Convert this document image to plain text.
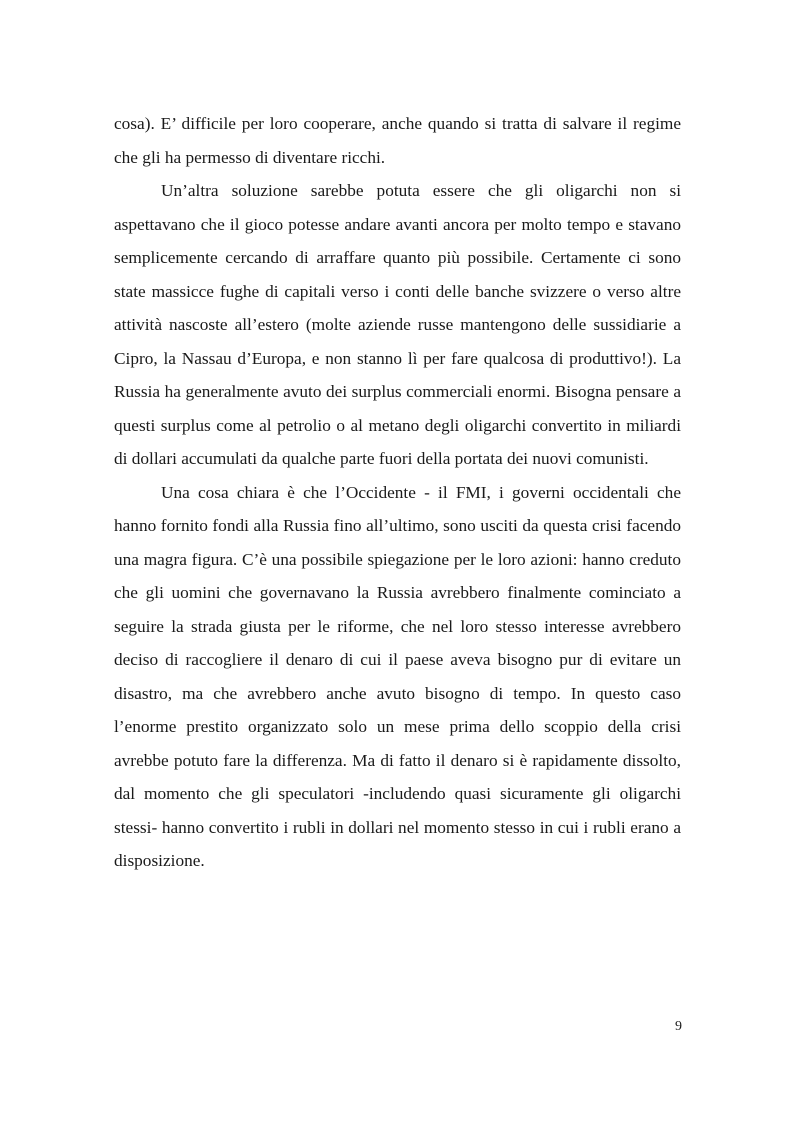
cosa). E’ difficile per loro cooperare, anche quando si tratta di salvare il regime che gli ha permesso di diventare ricchi.

Un’altra soluzione sarebbe potuta essere che gli oligarchi non si aspettavano che il gioco potesse andare avanti ancora per molto tempo e stavano semplicemente cercando di arraffare quanto più possibile. Certamente ci sono state massicce fughe di capitali verso i conti delle banche svizzere o verso altre attività nascoste all’estero (molte aziende russe mantengono delle sussidiarie a Cipro, la Nassau d’Europa, e non stanno lì per fare qualcosa di produttivo!). La Russia ha generalmente avuto dei surplus commerciali enormi. Bisogna pensare a questi surplus come al petrolio o al metano degli oligarchi convertito in miliardi di dollari accumulati da qualche parte fuori della portata dei nuovi comunisti.

Una cosa chiara è che l’Occidente - il FMI, i governi occidentali che hanno fornito fondi alla Russia fino all’ultimo, sono usciti da questa crisi facendo una magra figura. C’è una possibile spiegazione per le loro azioni: hanno creduto che gli uomini che governavano la Russia avrebbero finalmente cominciato a seguire la strada giusta per le riforme, che nel loro stesso interesse avrebbero deciso di raccogliere il denaro di cui il paese aveva bisogno pur di evitare un disastro, ma che avrebbero anche avuto bisogno di tempo. In questo caso l’enorme prestito organizzato solo un mese prima dello scoppio della crisi avrebbe potuto fare la differenza. Ma di fatto il denaro si è rapidamente dissolto, dal momento che gli speculatori -includendo quasi sicuramente gli oligarchi stessi- hanno convertito i rubli in dollari nel momento stesso in cui i rubli erano a disposizione.

9
